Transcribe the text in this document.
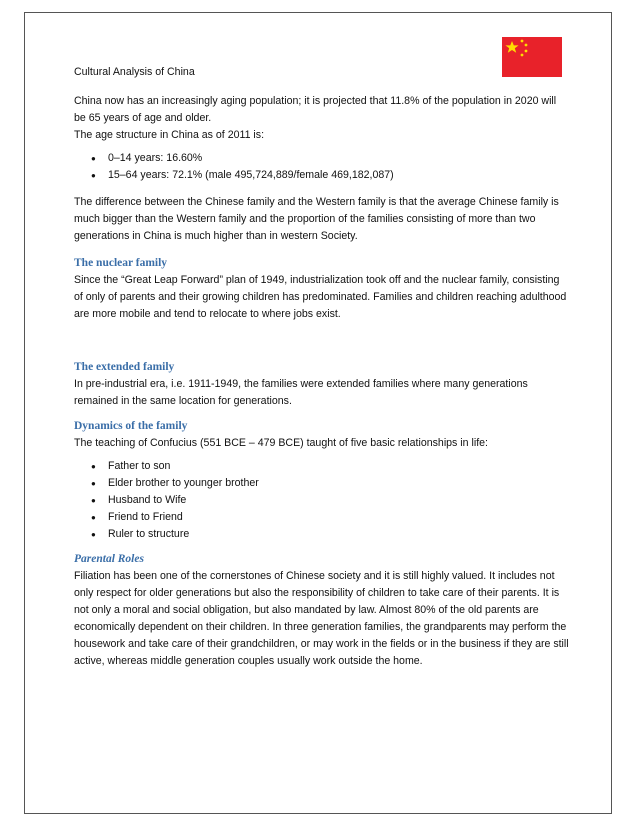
Cultural Analysis of China

China now has an increasingly aging population; it is projected that 11.8% of the population in 2020 will be 65 years of age and older.

The age structure in China as of 2011 is:

● 0–14 years: 16.60%
● 15–64 years: 72.1% (male 495,724,889/female 469,182,087)

The difference between the Chinese family and the Western family is that the average Chinese family is much bigger than the Western family and the proportion of the families consisting of more than two generations in China is much higher than in western Society.

The nuclear family

Since the “Great Leap Forward” plan of 1949, industrialization took off and the nuclear family, consisting of only of parents and their growing children has predominated. Families and children reaching adulthood are more mobile and tend to relocate to where jobs exist.

The extended family

In pre-industrial era, i.e. 1911-1949, the families were extended families where many generations remained in the same location for generations.

Dynamics of the family

The teaching of Confucius (551 BCE – 479 BCE) taught of five basic relationships in life:

● Father to son
● Elder brother to younger brother
● Husband to Wife
● Friend to Friend
● Ruler to structure
Parental Roles

Filiation has been one of the cornerstones of Chinese society and it is still highly valued. It includes not only respect for older generations but also the responsibility of children to take care of their parents. It is not only a moral and social obligation, but also mandated by law. Almost 80% of the old parents are economically dependent on their children. In three generation families, the grandparents may perform the housework and take care of their grandchildren, or may work in the fields or in the business if they are still active, whereas middle generation couples usually work outside the home.
